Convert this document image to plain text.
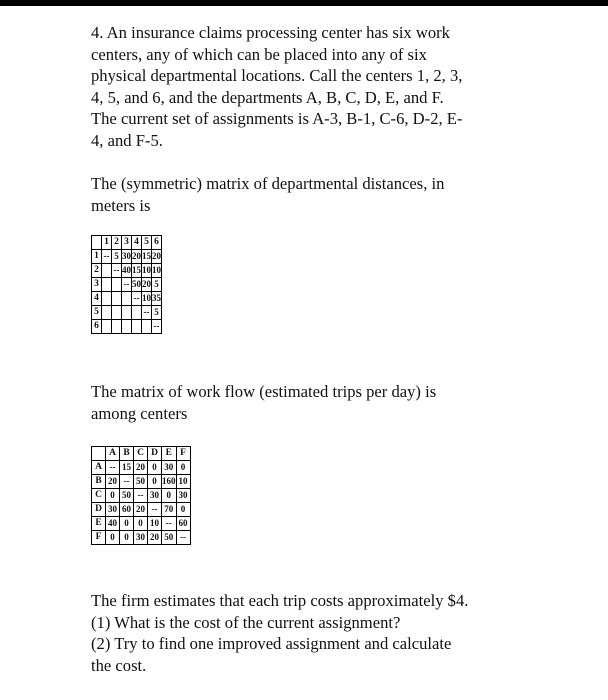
4. An insurance claims processing center has six work
centers, any of which can be placed into any of six
physical departmental locations. Call the centers 1, 2, 3,
4, 5, and 6, and the departments A, B, C, D, E, and F.
The current set of assignments is A-3, B-1, C-6, D-2, E-
4, and F-5.

The (symmetric) matrix of departmental distances, in
meters is

	1	2	3	4	5	6
1	--	5	30	20	15	20
2		--	40	15	10	10
3			--	50	20	5
4				--	10	35
5					--	5
6						--

The matrix of work flow (estimated trips per day) is
among centers

	A	B	C	D	E	F
A	--	15	20	0	30	0
B	20	--	50	0	160	10
C	0	50	--	30	0	30
D	30	60	20	--	70	0
E	40	0	0	10	--	60
F	0	0	30	20	50	--

The firm estimates that each trip costs approximately $4.
(1) What is the cost of the current assignment?
(2) Try to find one improved assignment and calculate
the cost.
